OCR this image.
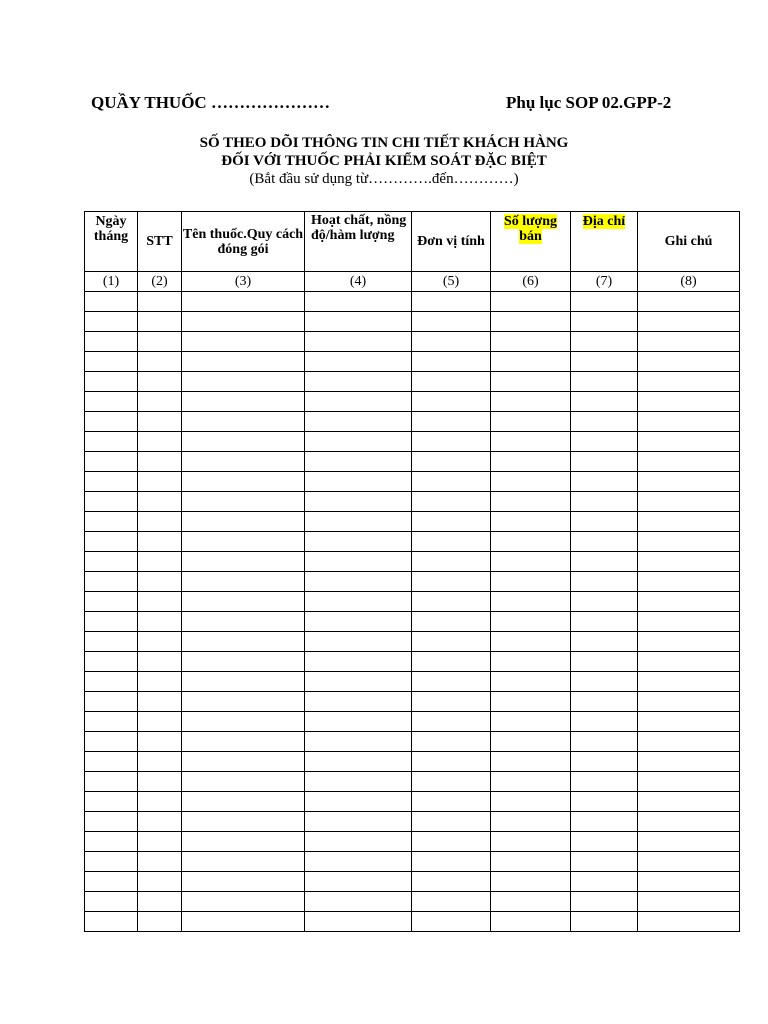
QUẦY THUỐC …………………	Phụ lục SOP 02.GPP-2
SỐ THEO DÕI THÔNG TIN CHI TIẾT KHÁCH HÀNG
ĐỐI VỚI THUỐC PHẢI KIỂM SOÁT ĐẶC BIỆT
(Bắt đầu sử dụng từ………….đến…………)
Ngày tháng	STT	Tên thuốc.Quy cách đóng gói	Hoạt chất, nồng độ/hàm lượng	Đơn vị tính	Số lượng bán	Địa chỉ	Ghi chú
(1)	(2)	(3)	(4)	(5)	(6)	(7)	(8)
